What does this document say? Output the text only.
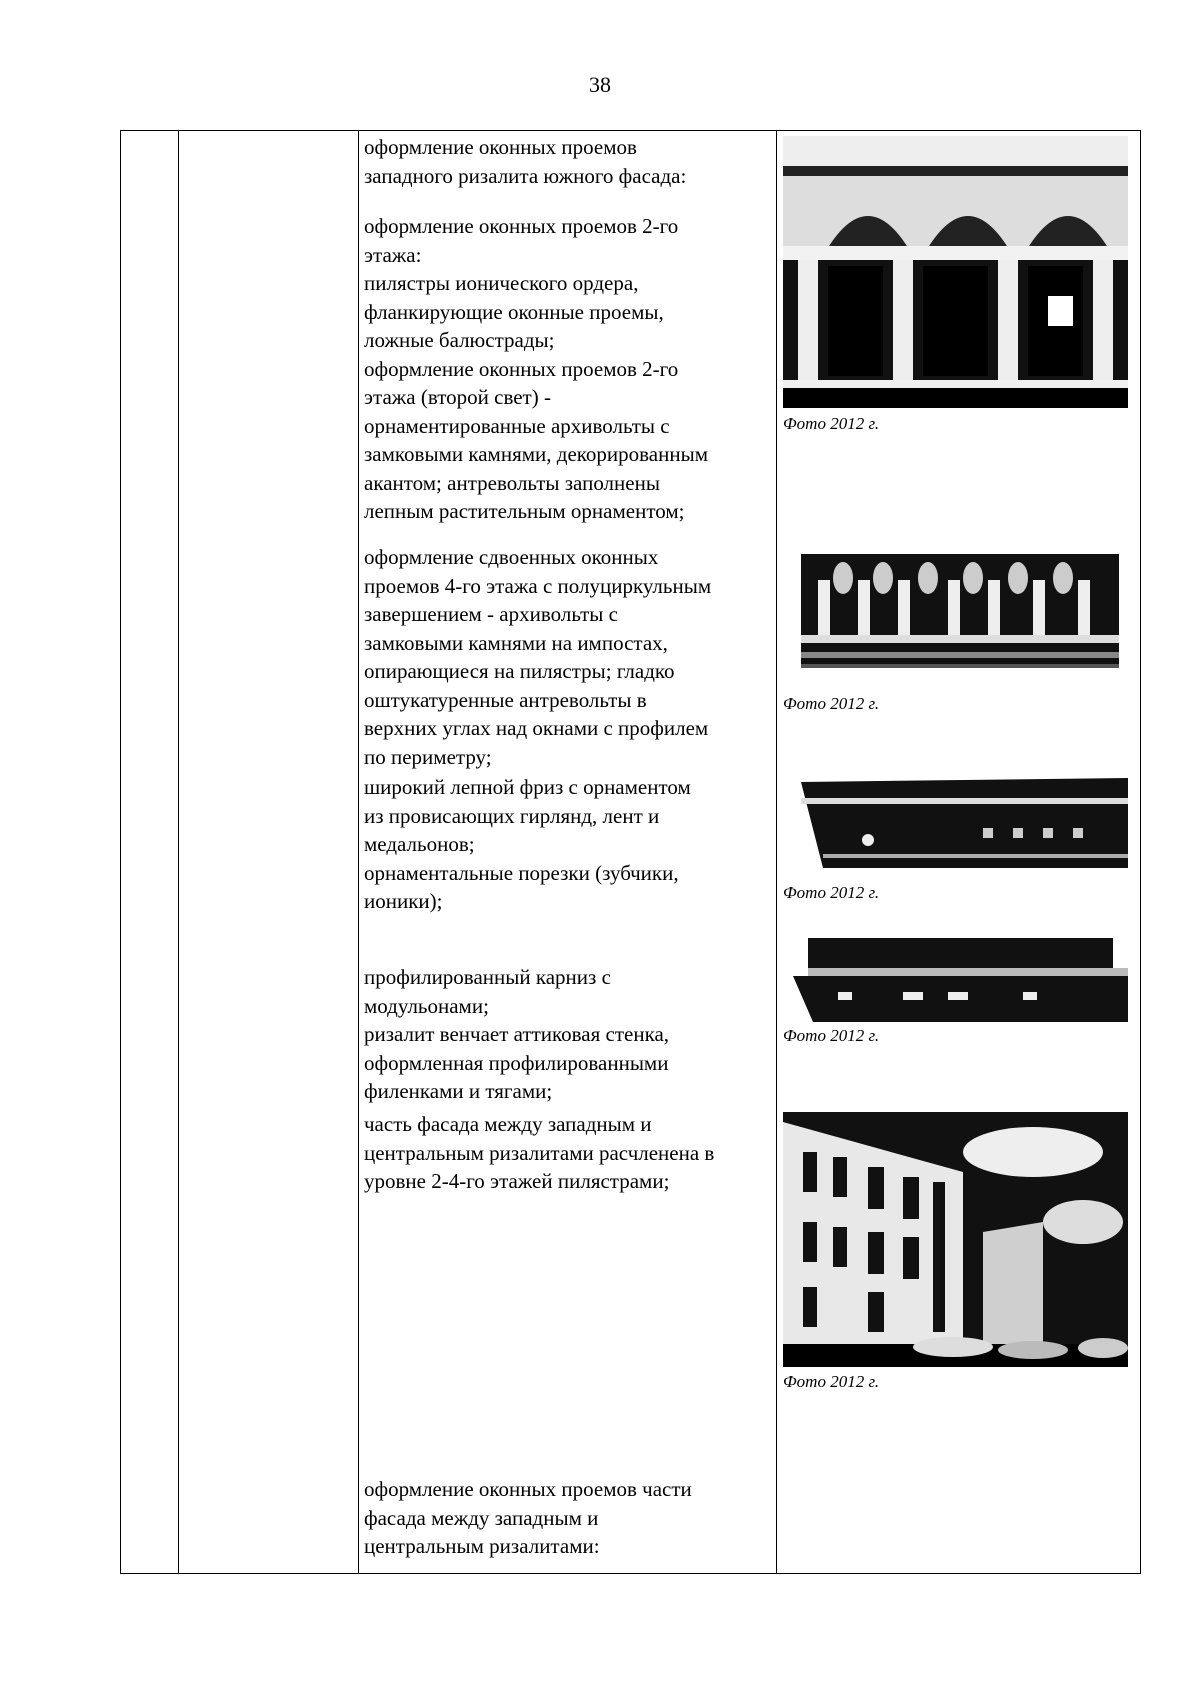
38

оформление оконных проемов

западного ризалита южного фасада:

оформление оконных проемов 2-го

этажа:

пилястры ионического ордера,

фланкирующие оконные проемы,

ложные балюстрады;

оформление оконных проемов 2-го

этажа (второй свет) -

орнаментированные архивольты с

замковыми камнями, декорированным

акантом; антревольты заполнены

лепным растительным орнаментом;

Фото 2012 г.

оформление сдвоенных оконных

проемов 4-го этажа с полуциркульным

завершением - архивольты с

замковыми камнями на импостах,

опирающиеся на пилястры; гладко

оштукатуренные антревольты в

верхних углах над окнами с профилем

по периметру;

Фото 2012 г.

широкий лепной фриз с орнаментом

из провисающих гирлянд, лент и

медальонов;

орнаментальные порезки (зубчики,

ионики);	Фото 2012 г.

профилированный карниз с

модульонами;

ризалит венчает аттиковая стенка,

оформленная профилированными

филенками и тягами;

Фото 2012 г.

часть фасада между западным и

центральным ризалитами расчленена в

уровне 2-4-го этажей пилястрами;

Фото 2012 г.

оформление оконных проемов части

фасада между западным и

центральным ризалитами:
